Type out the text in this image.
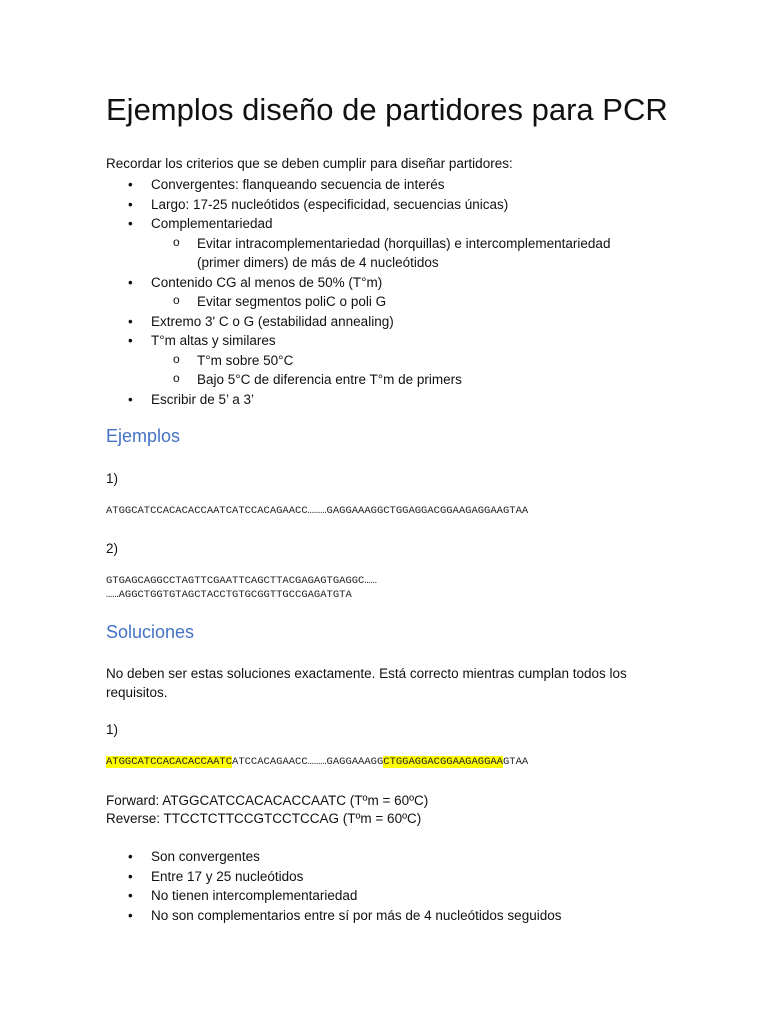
Ejemplos diseño de partidores para PCR
Recordar los criterios que se deben cumplir para diseñar partidores:
• Convergentes: flanqueando secuencia de interés
• Largo: 17-25 nucleótidos (especificidad, secuencias únicas)
• Complementariedad
o Evitar intracomplementariedad (horquillas) e intercomplementariedad
(primer dimers) de más de 4 nucleótidos
• Contenido CG al menos de 50% (T°m)
o Evitar segmentos poliC o poli G
• Extremo 3' C o G (estabilidad annealing)
• T°m altas y similares
o T°m sobre 50°C
o Bajo 5°C de diferencia entre T°m de primers
• Escribir de 5’ a 3’
Ejemplos
1)
ATGGCATCCACACACCAATCATCCACAGAACC………GAGGAAAGGCTGGAGGACGGAAGAGGAAGTAA
2)
GTGAGCAGGCCTAGTTCGAATTCAGCTTACGAGAGTGAGGC……
……AGGCTGGTGTAGCTACCTGTGCGGTTGCCGAGATGTA
Soluciones
No deben ser estas soluciones exactamente. Está correcto mientras cumplan todos los requisitos.
1)
ATGGCATCCACACACCAATCATCCACAGAACC………GAGGAAAGGCTGGAGGACGGAAGAGGAAGTAA
Forward: ATGGCATCCACACACCAATC (Tºm = 60ºC)
Reverse: TTCCTCTTCCGTCCTCCAG (Tºm = 60ºC)
• Son convergentes
• Entre 17 y 25 nucleótidos
• No tienen intercomplementariedad
• No son complementarios entre sí por más de 4 nucleótidos seguidos
